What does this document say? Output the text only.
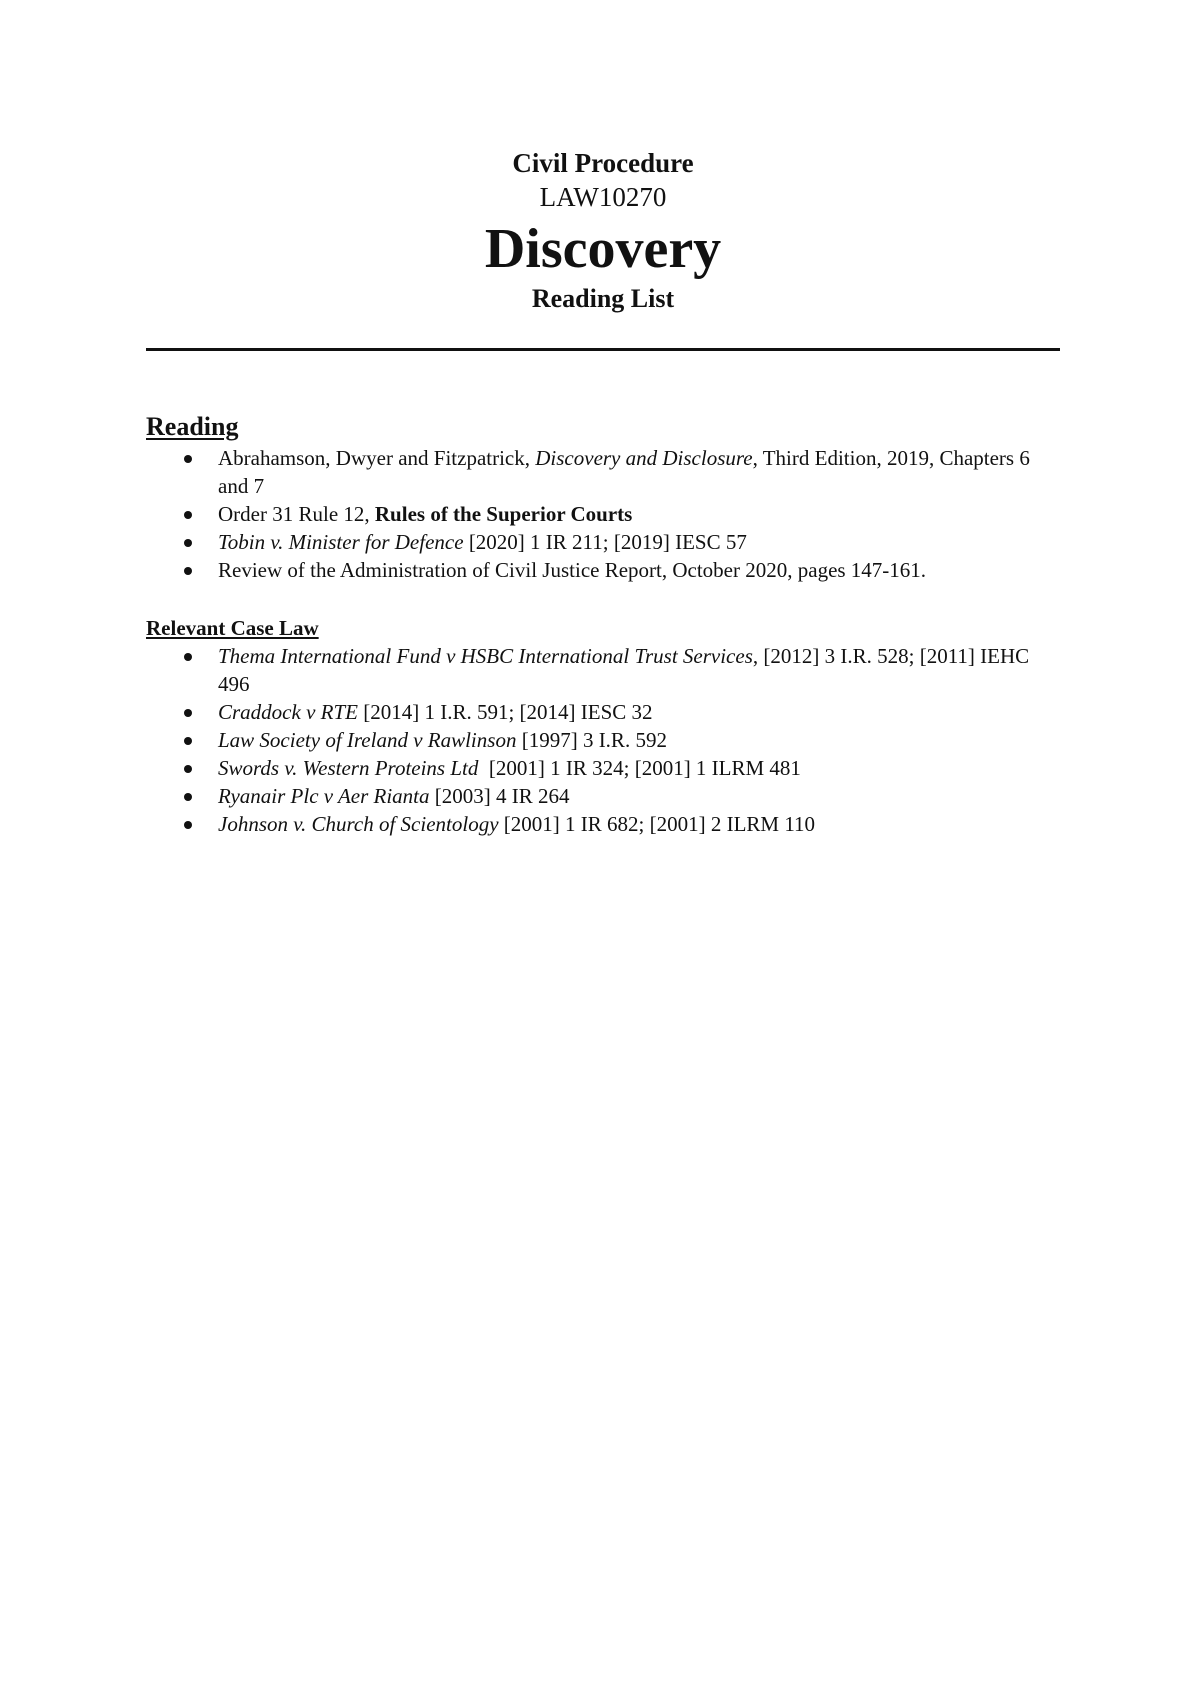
Civil Procedure
LAW10270
Discovery
Reading List
Reading
Abrahamson, Dwyer and Fitzpatrick, Discovery and Disclosure, Third Edition, 2019, Chapters 6 and 7
Order 31 Rule 12, Rules of the Superior Courts
Tobin v. Minister for Defence [2020] 1 IR 211; [2019] IESC 57
Review of the Administration of Civil Justice Report, October 2020, pages 147-161.
Relevant Case Law
Thema International Fund v HSBC International Trust Services, [2012] 3 I.R. 528; [2011] IEHC 496
Craddock v RTE [2014] 1 I.R. 591; [2014] IESC 32
Law Society of Ireland v Rawlinson [1997] 3 I.R. 592
Swords v. Western Proteins Ltd  [2001] 1 IR 324; [2001] 1 ILRM 481
Ryanair Plc v Aer Rianta [2003] 4 IR 264
Johnson v. Church of Scientology [2001] 1 IR 682; [2001] 2 ILRM 110
